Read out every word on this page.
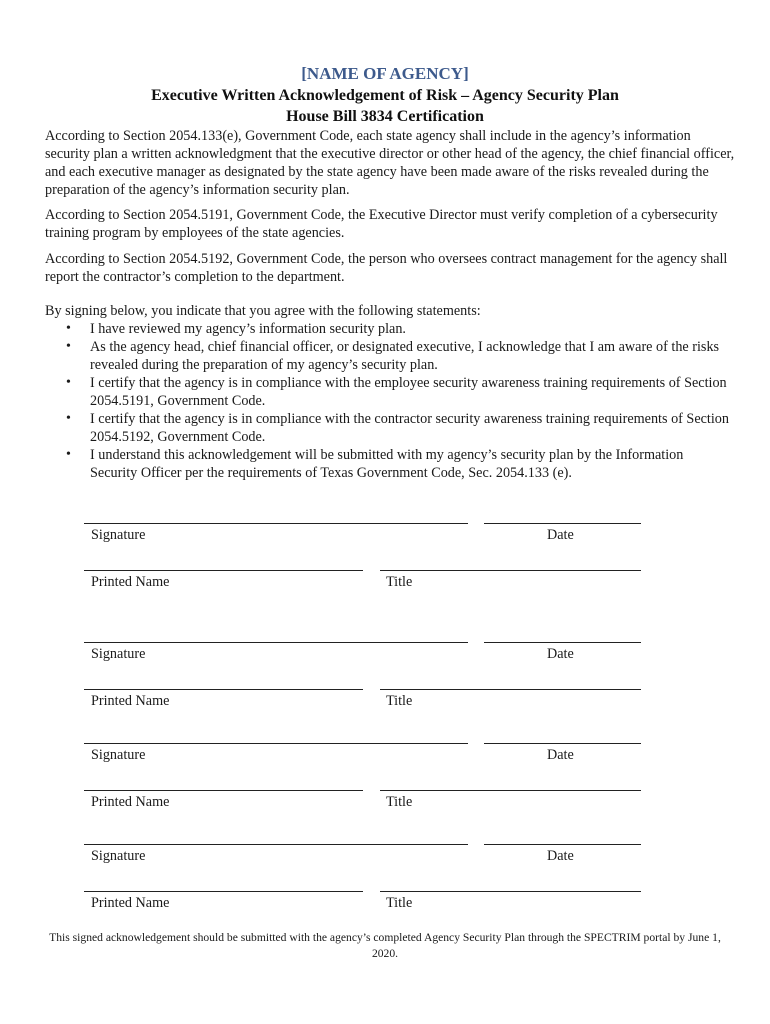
[NAME OF AGENCY]
Executive Written Acknowledgement of Risk – Agency Security Plan
House Bill 3834 Certification

According to Section 2054.133(e), Government Code, each state agency shall include in the agency’s information security plan a written acknowledgment that the executive director or other head of the agency, the chief financial officer, and each executive manager as designated by the state agency have been made aware of the risks revealed during the preparation of the agency’s information security plan.

According to Section 2054.5191, Government Code, the Executive Director must verify completion of a cybersecurity training program by employees of the state agencies.

According to Section 2054.5192, Government Code, the person who oversees contract management for the agency shall report the contractor’s completion to the department.

By signing below, you indicate that you agree with the following statements:

• I have reviewed my agency’s information security plan.
• As the agency head, chief financial officer, or designated executive, I acknowledge that I am aware of the risks revealed during the preparation of my agency’s security plan.
• I certify that the agency is in compliance with the employee security awareness training requirements of Section 2054.5191, Government Code.
• I certify that the agency is in compliance with the contractor security awareness training requirements of Section 2054.5192, Government Code.
• I understand this acknowledgement will be submitted with my agency’s security plan by the Information Security Officer per the requirements of Texas Government Code, Sec. 2054.133 (e).
Signature	Date
Printed Name	Title
Signature	Date
Printed Name	Title
Signature	Date
Printed Name	Title
Signature	Date
Printed Name	Title
This signed acknowledgement should be submitted with the agency’s completed Agency Security Plan through the SPECTRIM portal by June 1, 2020.
